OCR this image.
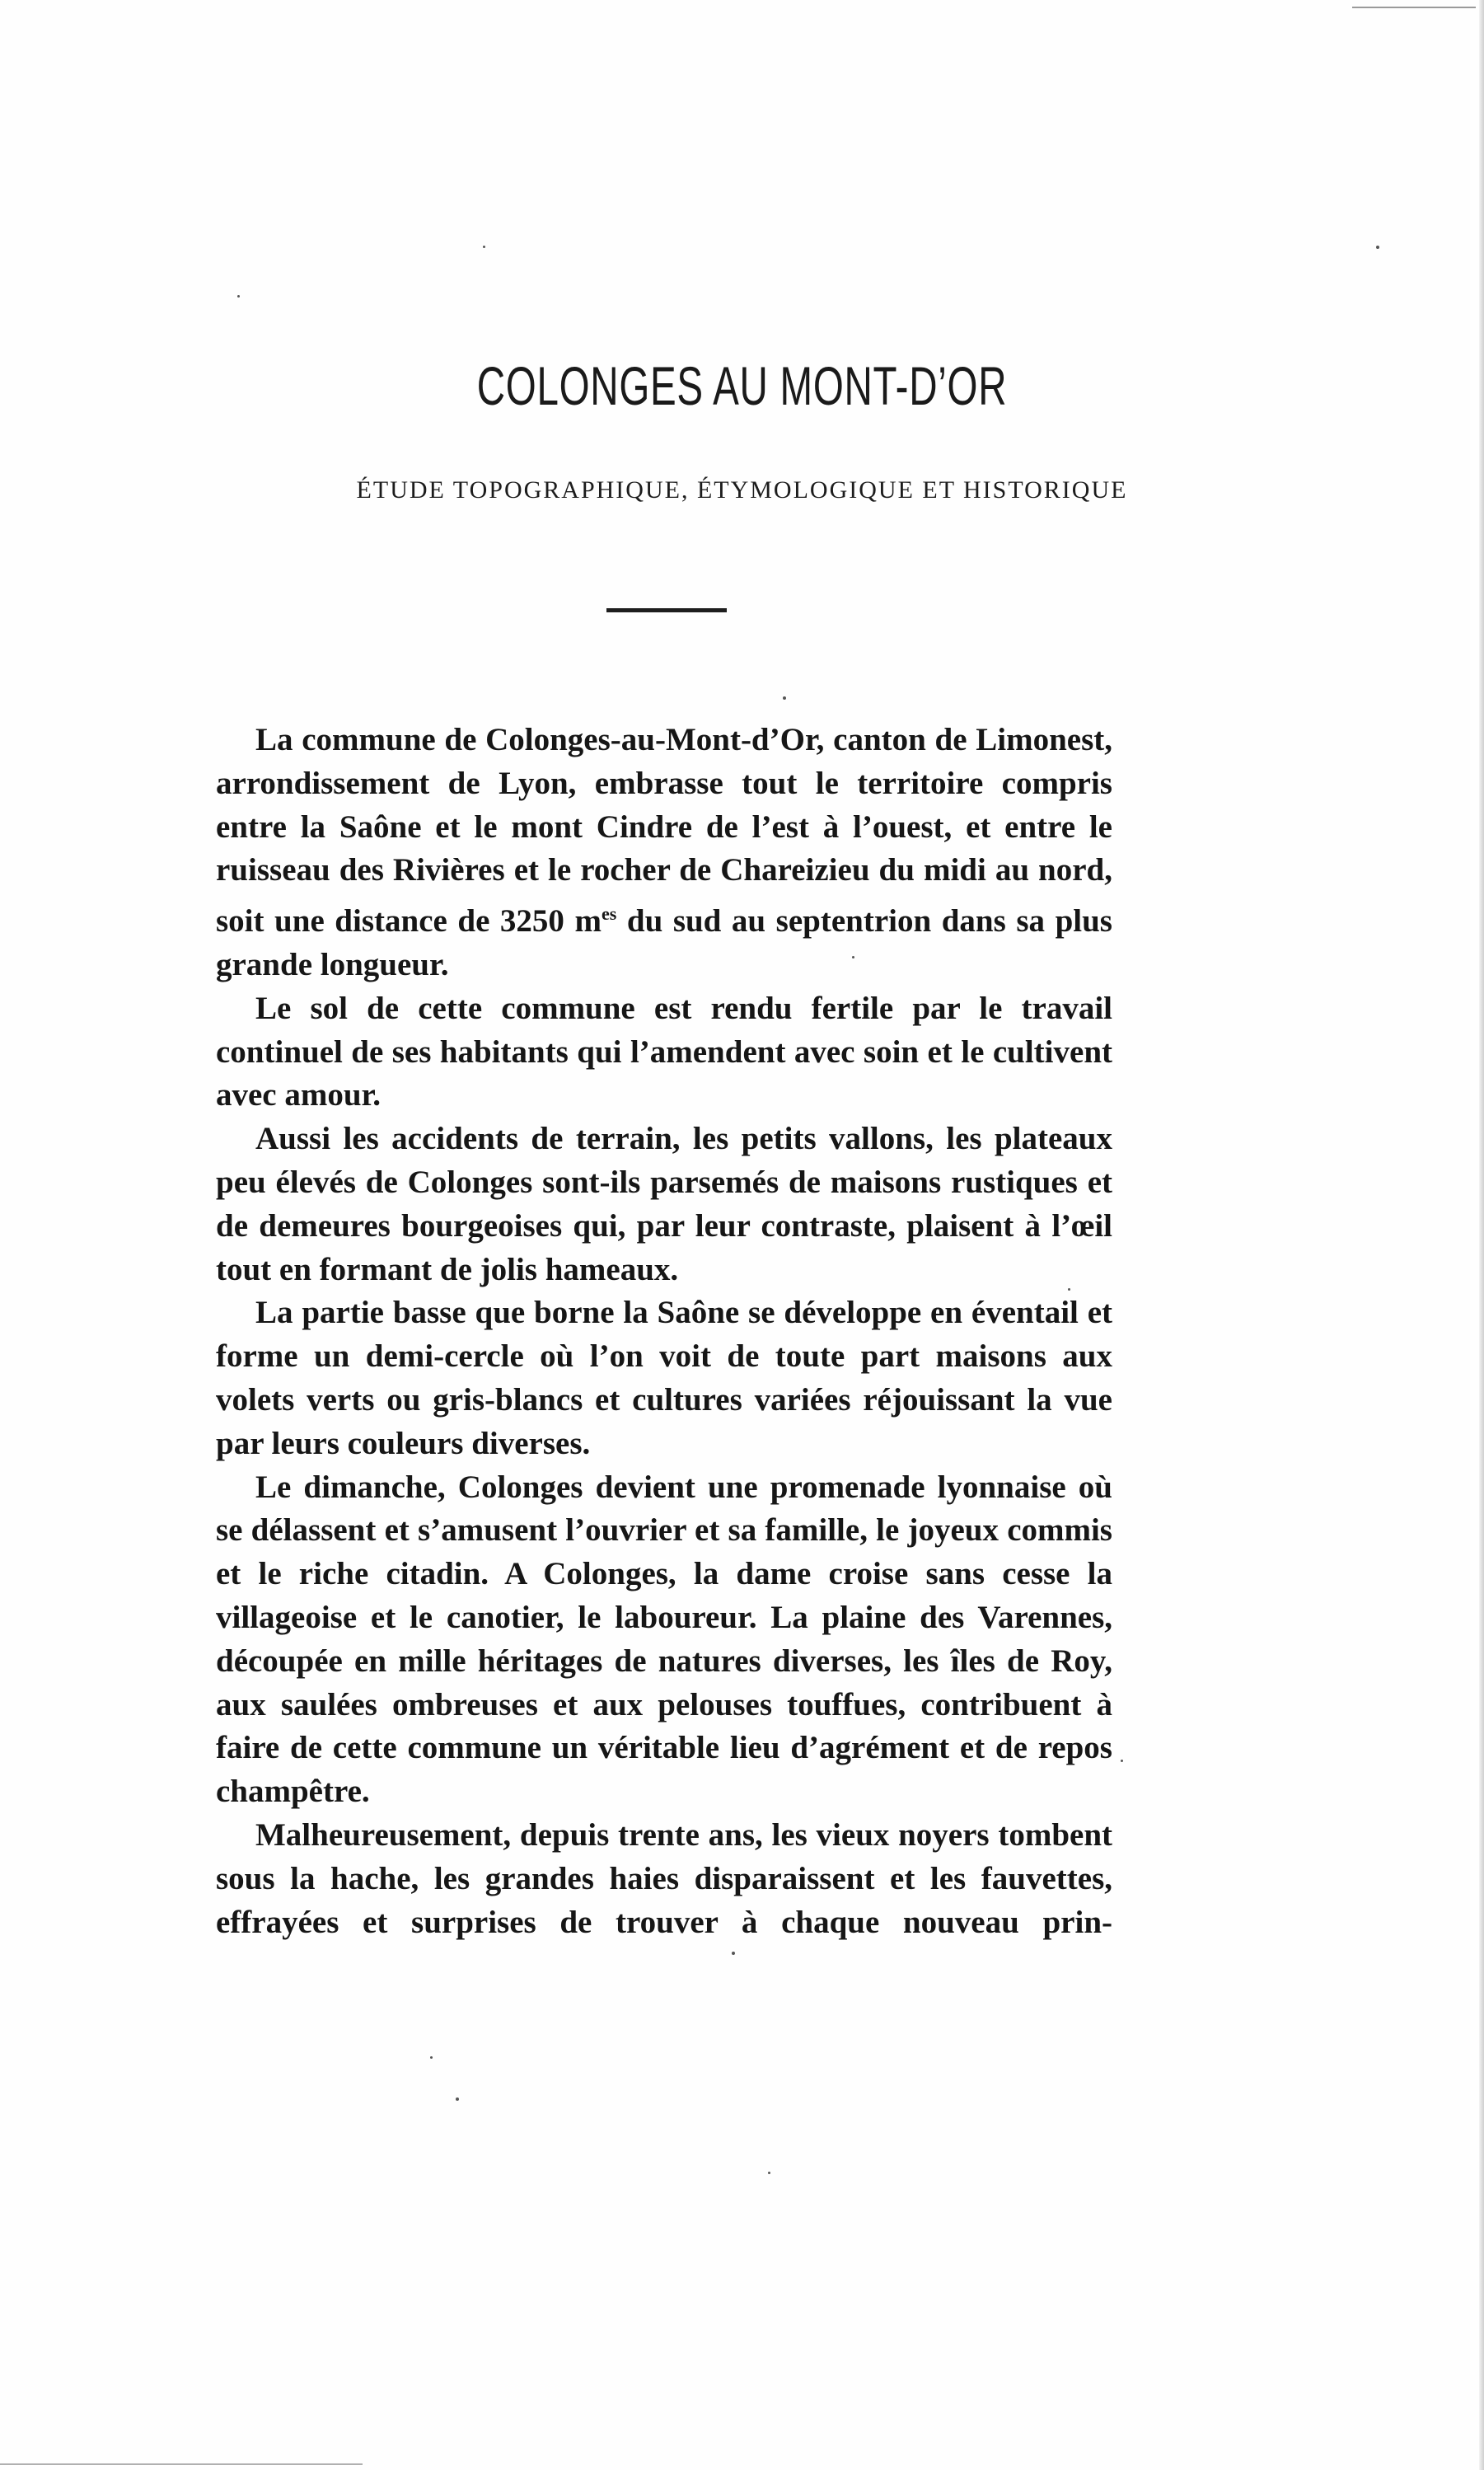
COLONGES AU MONT-D’OR
ÉTUDE TOPOGRAPHIQUE, ÉTYMOLOGIQUE ET HISTORIQUE

La commune de Colonges-au-Mont-d’Or, canton de Limonest, arrondissement de Lyon, embrasse tout le territoire compris entre la Saône et le mont Cindre de l’est à l’ouest, et entre le ruisseau des Rivières et le rocher de Chareizieu du midi au nord, soit une distance de 3250 $m^{es}$ du sud au septentrion dans sa plus grande longueur.

Le sol de cette commune est rendu fertile par le travail continuel de ses habitants qui l’amendent avec soin et le cultivent avec amour.

Aussi les accidents de terrain, les petits vallons, les plateaux peu élevés de Colonges sont-ils parsemés de maisons rustiques et de demeures bourgeoises qui, par leur contraste, plaisent à l’œil tout en formant de jolis hameaux.

La partie basse que borne la Saône se développe en éventail et forme un demi-cercle où l’on voit de toute part maisons aux volets verts ou gris-blancs et cultures variées réjouissant la vue par leurs couleurs diverses.

Le dimanche, Colonges devient une promenade lyonnaise où se délassent et s’amusent l’ouvrier et sa famille, le joyeux commis et le riche citadin. A Colonges, la dame croise sans cesse la villageoise et le canotier, le laboureur. La plaine des Varennes, découpée en mille héritages de natures diverses, les îles de Roy, aux saulées ombreuses et aux pelouses touffues, contribuent à faire de cette commune un véritable lieu d’agrément et de repos champêtre.

Malheureusement, depuis trente ans, les vieux noyers tombent sous la hache, les grandes haies disparaissent et les fauvettes, effrayées et surprises de trouver à chaque nouveau prin-
